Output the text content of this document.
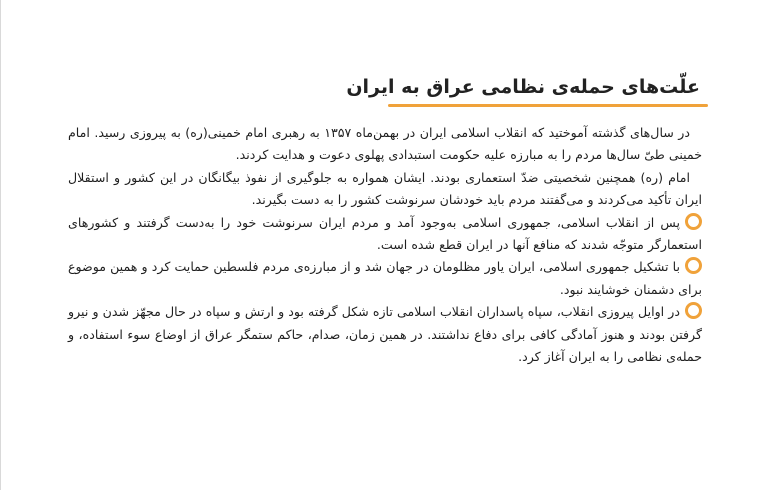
علّت‌های حمله‌ی نظامی عراق به ایران

در سال‌های گذشته آموختید که انقلاب اسلامی ایران در بهمن‌ماه ۱۳۵۷ به رهبری امام خمینی(ره) به پیروزی رسید. امام خمینی طیّ سال‌ها مردم را به مبارزه علیه حکومت استبدادی پهلوی دعوت و هدایت کردند.

امام (ره) همچنین شخصیتی ضدّ استعماری بودند. ایشان همواره به جلوگیری از نفوذ بیگانگان در این کشور و استقلال ایران تأکید می‌کردند و می‌گفتند مردم باید خودشان سرنوشت کشور را به دست بگیرند.

پس از انقلاب اسلامی، جمهوری اسلامی به‌وجود آمد و مردم ایران سرنوشت خود را به‌دست گرفتند و کشورهای استعمارگر متوجّه شدند که منافع آنها در ایران قطع شده است.

با تشکیل جمهوری اسلامی، ایران یاور مظلومان در جهان شد و از مبارزه‌ی مردم فلسطین حمایت کرد و همین موضوع برای دشمنان خوشایند نبود.

در اوایل پیروزی انقلاب، سپاه پاسداران انقلاب اسلامی تازه شکل گرفته بود و ارتش و سپاه در حال مجهّز شدن و نیرو گرفتن بودند و هنوز آمادگی کافی برای دفاع نداشتند. در همین زمان، صدام، حاکم ستمگر عراق از اوضاع سوء استفاده، و حمله‌ی نظامی را به ایران آغاز کرد.
